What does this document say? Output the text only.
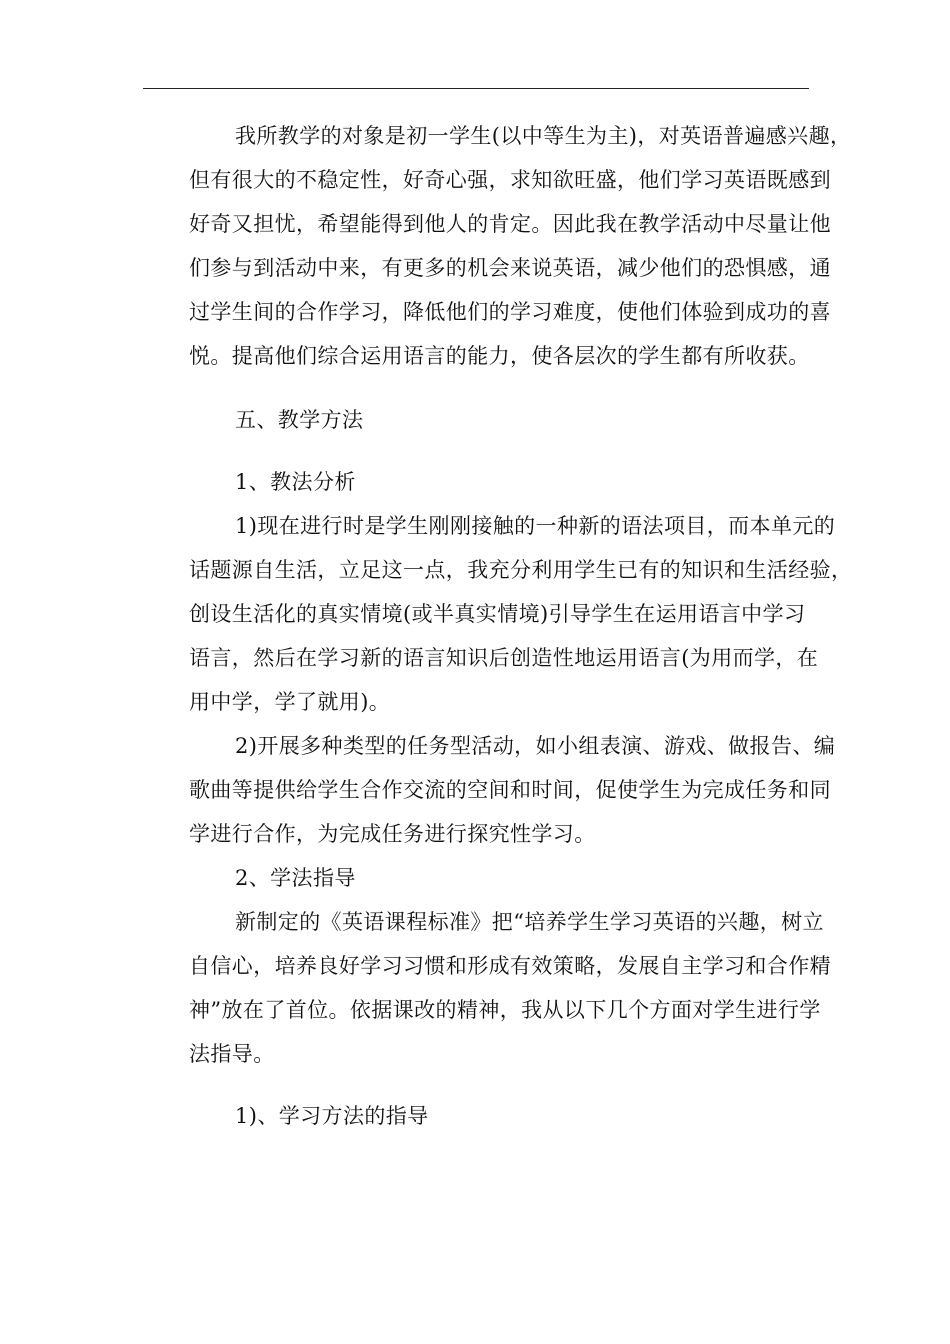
我所教学的对象是初一学生(以中等生为主)，对英语普遍感兴趣，
但有很大的不稳定性，好奇心强，求知欲旺盛，他们学习英语既感到
好奇又担忧，希望能得到他人的肯定。因此我在教学活动中尽量让他
们参与到活动中来，有更多的机会来说英语，减少他们的恐惧感，通
过学生间的合作学习，降低他们的学习难度，使他们体验到成功的喜
悦。提高他们综合运用语言的能力，使各层次的学生都有所收获。
五、教学方法
1、教法分析
1)现在进行时是学生刚刚接触的一种新的语法项目，而本单元的
话题源自生活，立足这一点，我充分利用学生已有的知识和生活经验，
创设生活化的真实情境(或半真实情境)引导学生在运用语言中学习
语言，然后在学习新的语言知识后创造性地运用语言(为用而学，在
用中学，学了就用)。
2)开展多种类型的任务型活动，如小组表演、游戏、做报告、编
歌曲等提供给学生合作交流的空间和时间，促使学生为完成任务和同
学进行合作，为完成任务进行探究性学习。
2、学法指导
新制定的《英语课程标准》把“培养学生学习英语的兴趣，树立
自信心，培养良好学习习惯和形成有效策略，发展自主学习和合作精
神”放在了首位。依据课改的精神，我从以下几个方面对学生进行学
法指导。
1)、学习方法的指导
